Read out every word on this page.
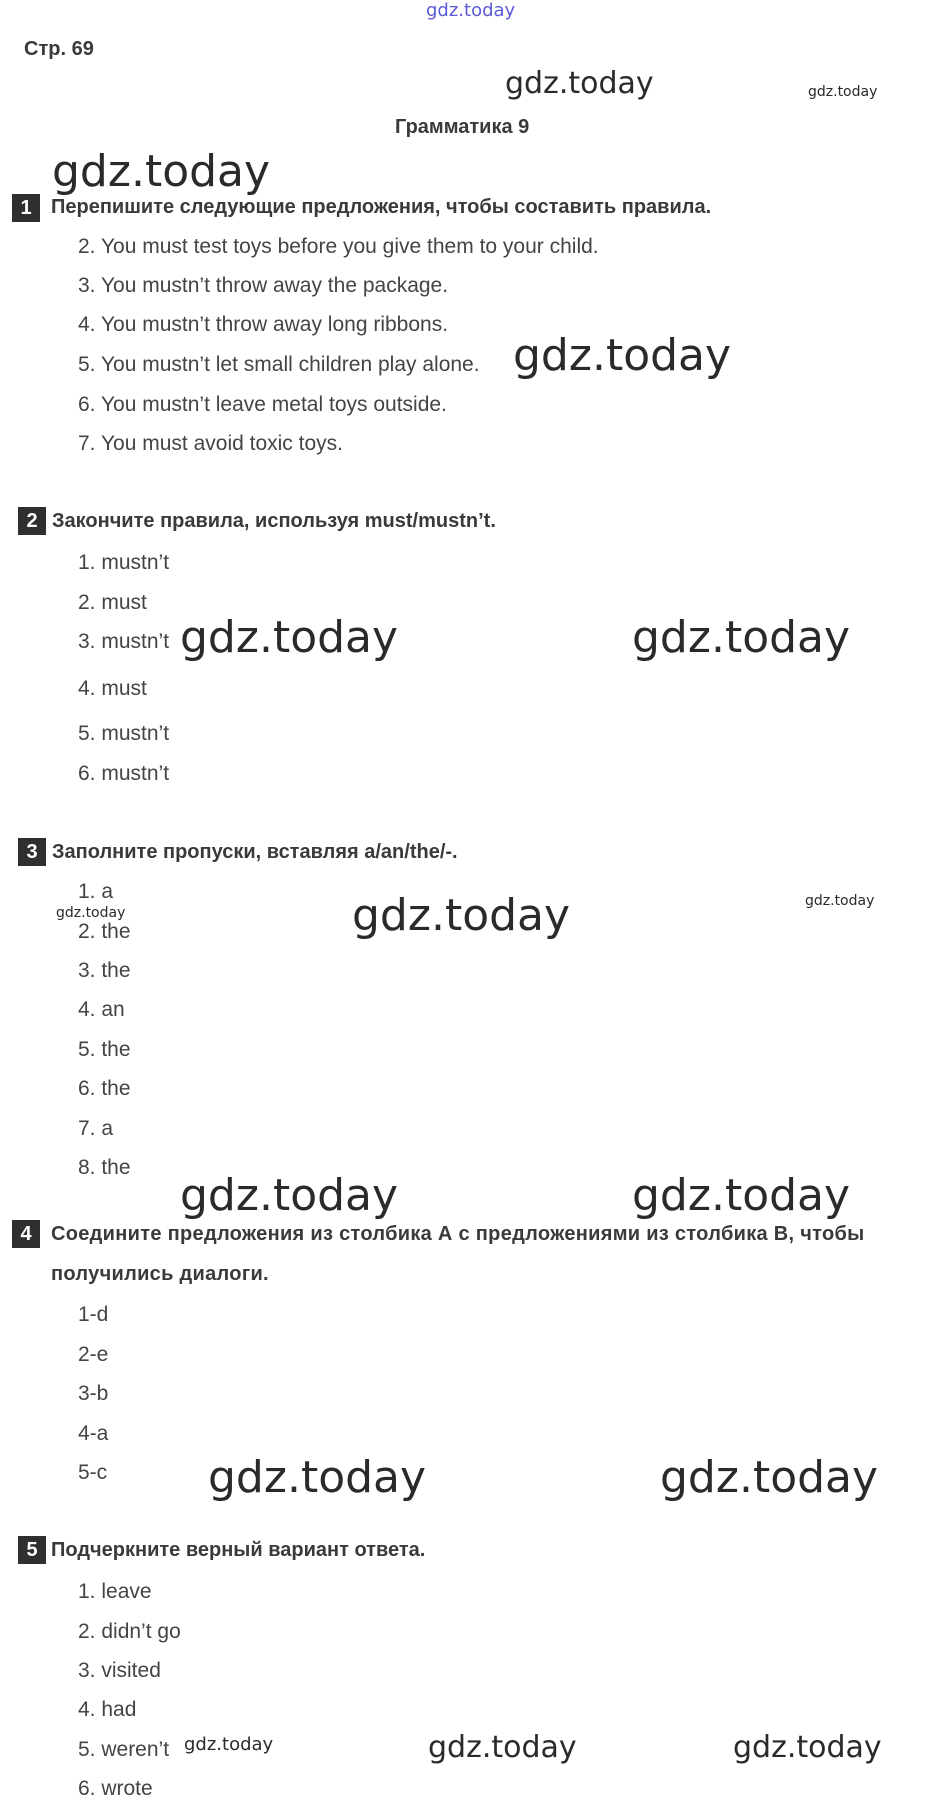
gdz.today
gdz.today	gdz.today
gdz.today
gdz.today
gdz.today	gdz.today
gdz.today
gdz.today	gdz.today
gdz.today	gdz.today
gdz.today	gdz.today
gdz.today	gdz.today	gdz.today
Стр. 69
Грамматика 9
1 Перепишите следующие предложения, чтобы составить правила.
2. You must test toys before you give them to your child.
3. You mustn’t throw away the package.
4. You mustn’t throw away long ribbons.
5. You mustn’t let small children play alone.
6. You mustn’t leave metal toys outside.
7. You must avoid toxic toys.
2 Закончите правила, используя must/mustn’t.
1. mustn’t
2. must
3. mustn’t
4. must
5. mustn’t
6. mustn’t
3 Заполните пропуски, вставляя a/an/the/-.
1. a
2. the
3. the
4. an
5. the
6. the
7. a
8. the
4 Соедините предложения из столбика А с предложениями из столбика В, чтобы получились диалоги.
1-d
2-e
3-b
4-a
5-c
5 Подчеркните верный вариант ответа.
1. leave
2. didn’t go
3. visited
4. had
5. weren’t
6. wrote
